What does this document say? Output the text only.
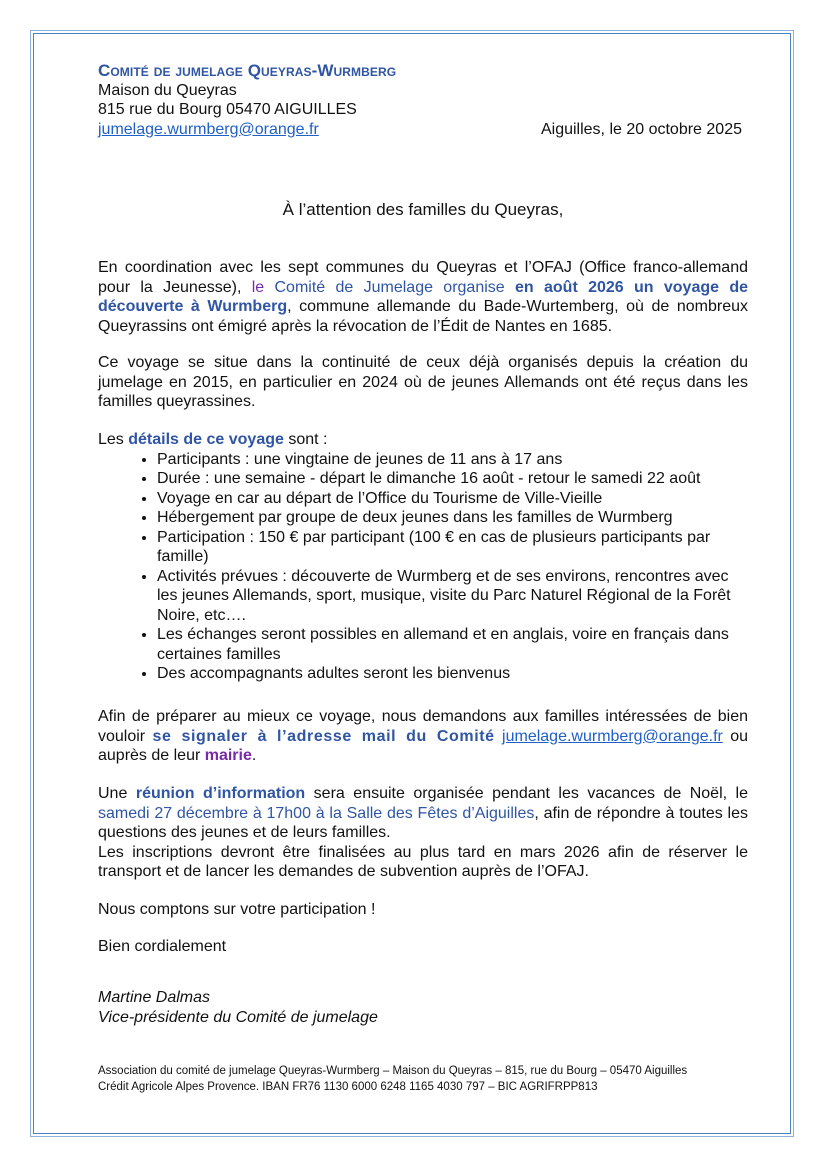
Comité de jumelage Queyras-Wurmberg
Maison du Queyras
815 rue du Bourg 05470 AIGUILLES
jumelage.wurmberg@orange.fr	Aiguilles, le 20 octobre 2025
À l’attention des familles du Queyras,
En coordination avec les sept communes du Queyras et l’OFAJ (Office franco-allemand pour la Jeunesse), le Comité de Jumelage organise en août 2026 un voyage de découverte à Wurmberg, commune allemande du Bade-Wurtemberg, où de nombreux Queyrassins ont émigré après la révocation de l’Édit de Nantes en 1685.
Ce voyage se situe dans la continuité de ceux déjà organisés depuis la création du jumelage en 2015, en particulier en 2024 où de jeunes Allemands ont été reçus dans les familles queyrassines.
Les détails de ce voyage sont :
• Participants : une vingtaine de jeunes de 11 ans à 17 ans
• Durée : une semaine - départ le dimanche 16 août - retour le samedi 22 août
• Voyage en car au départ de l’Office du Tourisme de Ville-Vieille
• Hébergement par groupe de deux jeunes dans les familles de Wurmberg
• Participation : 150 € par participant (100 € en cas de plusieurs participants par famille)
• Activités prévues : découverte de Wurmberg et de ses environs, rencontres avec les jeunes Allemands, sport, musique, visite du Parc Naturel Régional de la Forêt Noire, etc….
• Les échanges seront possibles en allemand et en anglais, voire en français dans certaines familles
• Des accompagnants adultes seront les bienvenus
Afin de préparer au mieux ce voyage, nous demandons aux familles intéressées de bien vouloir se signaler à l’adresse mail du Comité jumelage.wurmberg@orange.fr ou auprès de leur mairie.
Une réunion d’information sera ensuite organisée pendant les vacances de Noël, le samedi 27 décembre à 17h00 à la Salle des Fêtes d’Aiguilles, afin de répondre à toutes les questions des jeunes et de leurs familles.
Les inscriptions devront être finalisées au plus tard en mars 2026 afin de réserver le transport et de lancer les demandes de subvention auprès de l’OFAJ.
Nous comptons sur votre participation !
Bien cordialement
Martine Dalmas
Vice-présidente du Comité de jumelage
Association du comité de jumelage Queyras-Wurmberg – Maison du Queyras – 815, rue du Bourg – 05470 Aiguilles
Crédit Agricole Alpes Provence. IBAN FR76 1130 6000 6248 1165 4030 797 – BIC AGRIFRPP813
